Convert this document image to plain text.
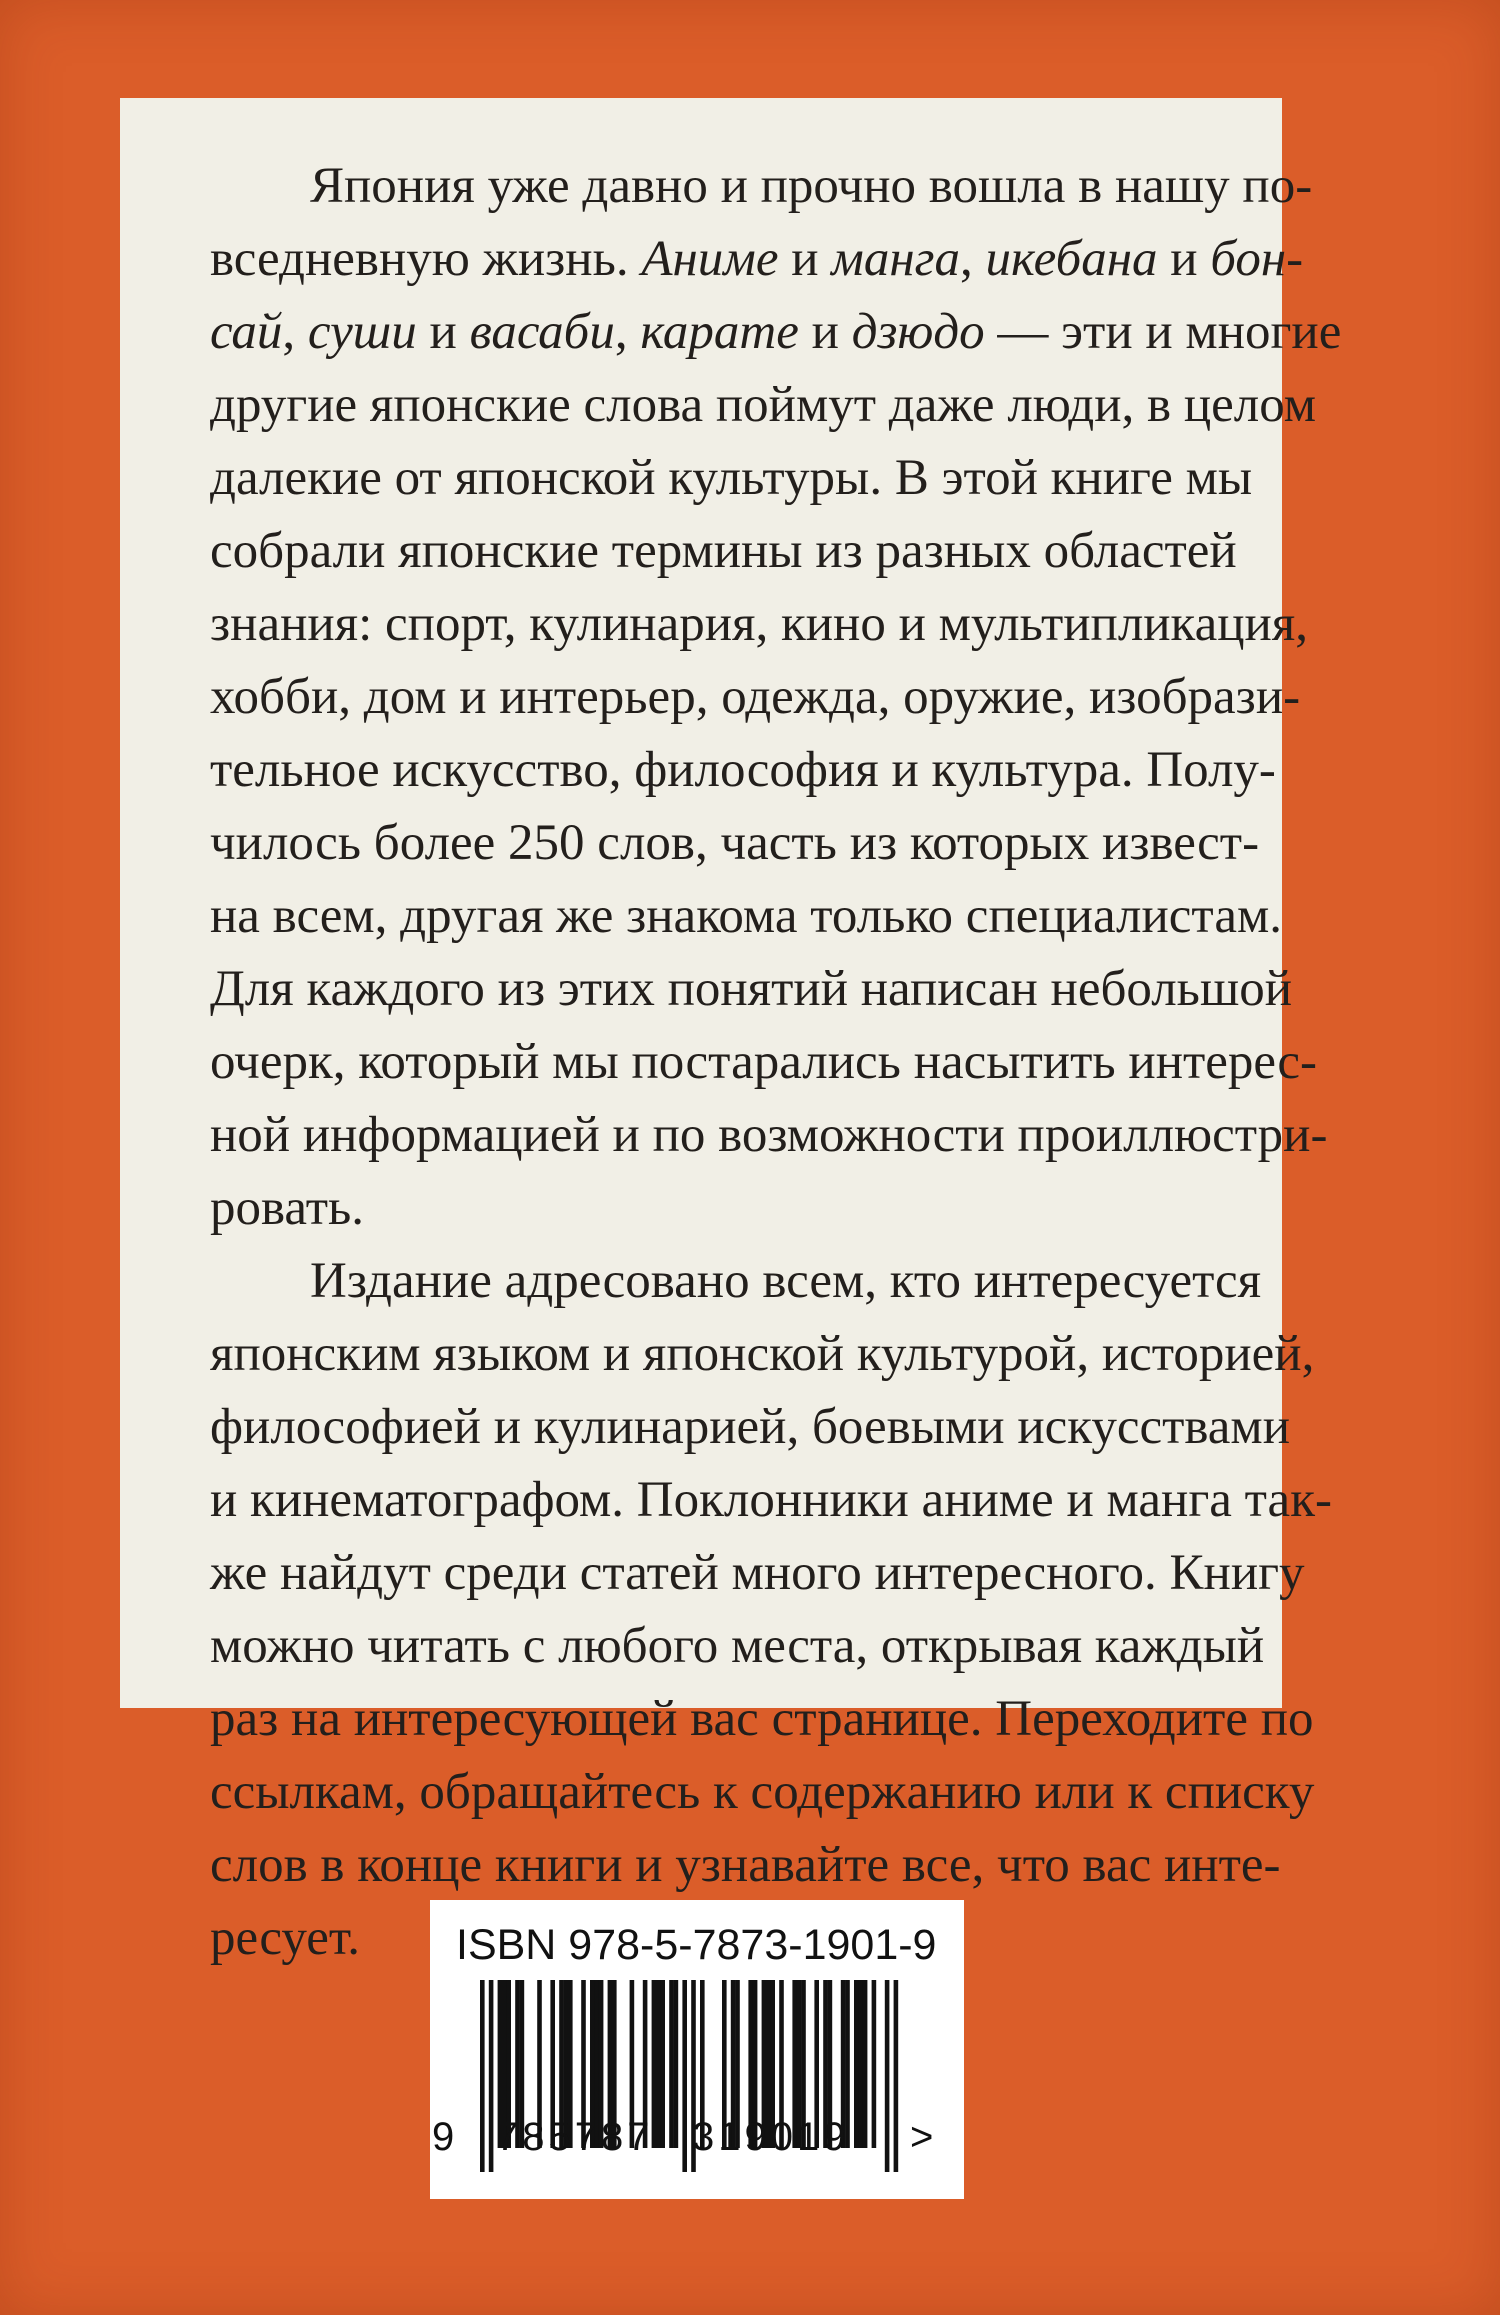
Япония уже давно и прочно вошла в нашу по-
вседневную жизнь. Аниме и манга, икебана и бон-
сай, суши и васаби, карате и дзюдо — эти и многие
другие японские слова поймут даже люди, в целом
далекие от японской культуры. В этой книге мы
собрали японские термины из разных областей
знания: спорт, кулинария, кино и мультипликация,
хобби, дом и интерьер, одежда, оружие, изобрази-
тельное искусство, философия и культура. Полу-
чилось более 250 слов, часть из которых извест-
на всем, другая же знакома только специалистам.
Для каждого из этих понятий написан небольшой
очерк, который мы постарались насытить интерес-
ной информацией и по возможности проиллюстри-
ровать.
Издание адресовано всем, кто интересуется
японским языком и японской культурой, историей,
философией и кулинарией, боевыми искусствами
и кинематографом. Поклонники аниме и манга так-
же найдут среди статей много интересного. Книгу
можно читать с любого места, открывая каждый
раз на интересующей вас странице. Переходите по
ссылкам, обращайтесь к содержанию или к списку
слов в конце книги и узнавайте все, что вас инте-
ресует.	ISBN 978-5-7873-1901-9
9 785787 319019 >
